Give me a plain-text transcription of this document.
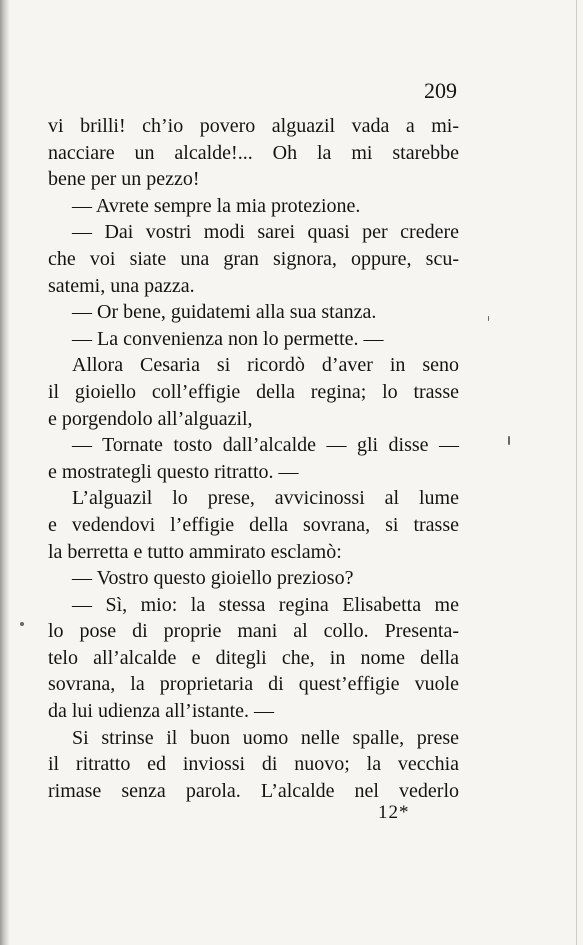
209
vi brilli! ch’io povero alguazil vada a mi-
nacciare un alcalde!... Oh la mi starebbe
bene per un pezzo!
— Avrete sempre la mia protezione.
— Dai vostri modi sarei quasi per credere
che voi siate una gran signora, oppure, scu-
satemi, una pazza.
— Or bene, guidatemi alla sua stanza.
— La convenienza non lo permette. —
Allora Cesaria si ricordò d’aver in seno
il gioiello coll’effigie della regina; lo trasse
e porgendolo all’alguazil,
— Tornate tosto dall’alcalde — gli disse —
e mostrategli questo ritratto. —
L’alguazil lo prese, avvicinossi al lume
e vedendovi l’effigie della sovrana, si trasse
la berretta e tutto ammirato esclamò:
— Vostro questo gioiello prezioso?
— Sì, mio: la stessa regina Elisabetta me
lo pose di proprie mani al collo. Presenta-
telo all’alcalde e ditegli che, in nome della
sovrana, la proprietaria di quest’effigie vuole
da lui udienza all’istante. —
Si strinse il buon uomo nelle spalle, prese
il ritratto ed inviossi di nuovo; la vecchia
rimase senza parola. L’alcalde nel vederlo
12*
